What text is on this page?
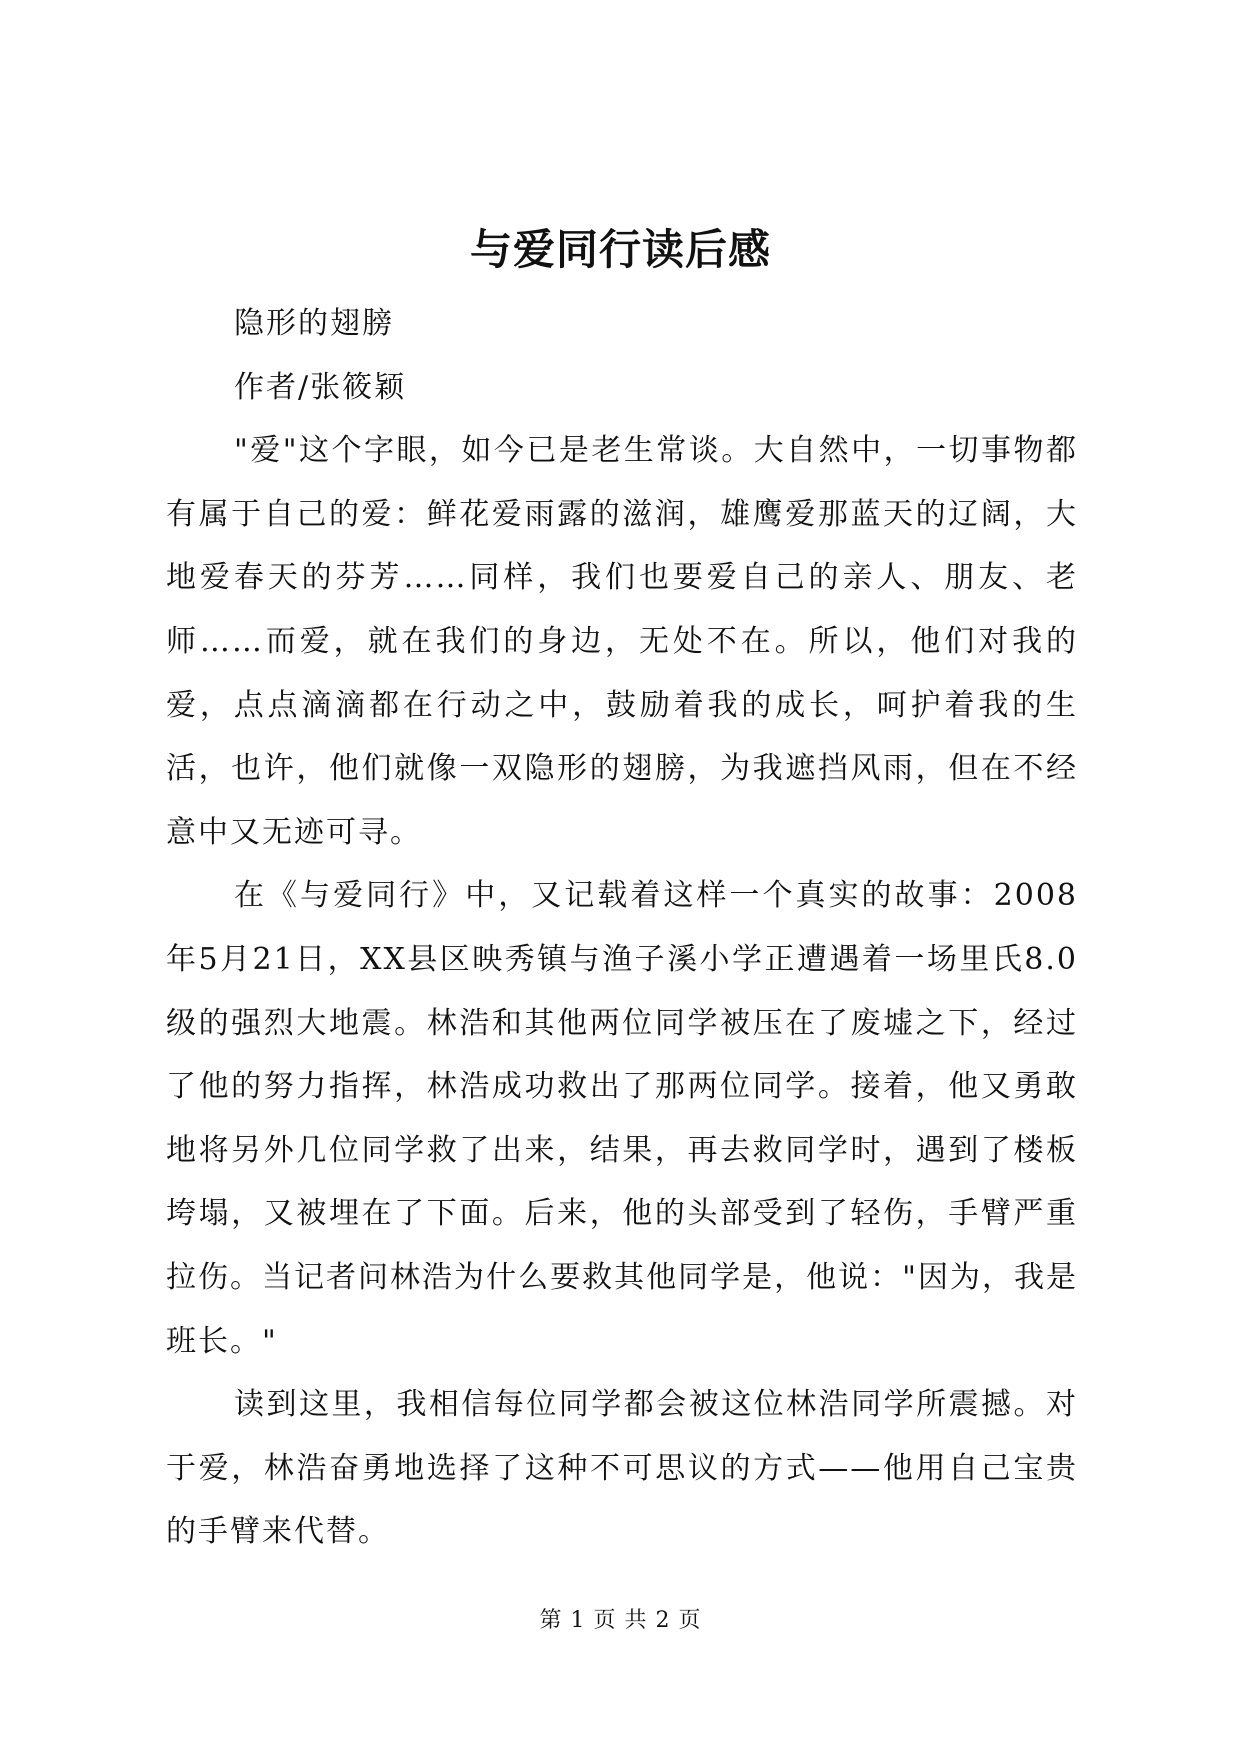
与爱同行读后感

隐形的翅膀

作者/张筱颖

"爱"这个字眼，如今已是老生常谈。大自然中，一切事物都有属于自己的爱：鲜花爱雨露的滋润，雄鹰爱那蓝天的辽阔，大地爱春天的芬芳……同样，我们也要爱自己的亲人、朋友、老师……而爱，就在我们的身边，无处不在。所以，他们对我的爱，点点滴滴都在行动之中，鼓励着我的成长，呵护着我的生活，也许，他们就像一双隐形的翅膀，为我遮挡风雨，但在不经意中又无迹可寻。

在《与爱同行》中，又记载着这样一个真实的故事：2008年5月21日，XX县区映秀镇与渔子溪小学正遭遇着一场里氏8.0级的强烈大地震。林浩和其他两位同学被压在了废墟之下，经过了他的努力指挥，林浩成功救出了那两位同学。接着，他又勇敢地将另外几位同学救了出来，结果，再去救同学时，遇到了楼板垮塌，又被埋在了下面。后来，他的头部受到了轻伤，手臂严重拉伤。当记者问林浩为什么要救其他同学是，他说："因为，我是班长。"

读到这里，我相信每位同学都会被这位林浩同学所震撼。对于爱，林浩奋勇地选择了这种不可思议的方式——他用自己宝贵的手臂来代替。

第 1 页 共 2 页
